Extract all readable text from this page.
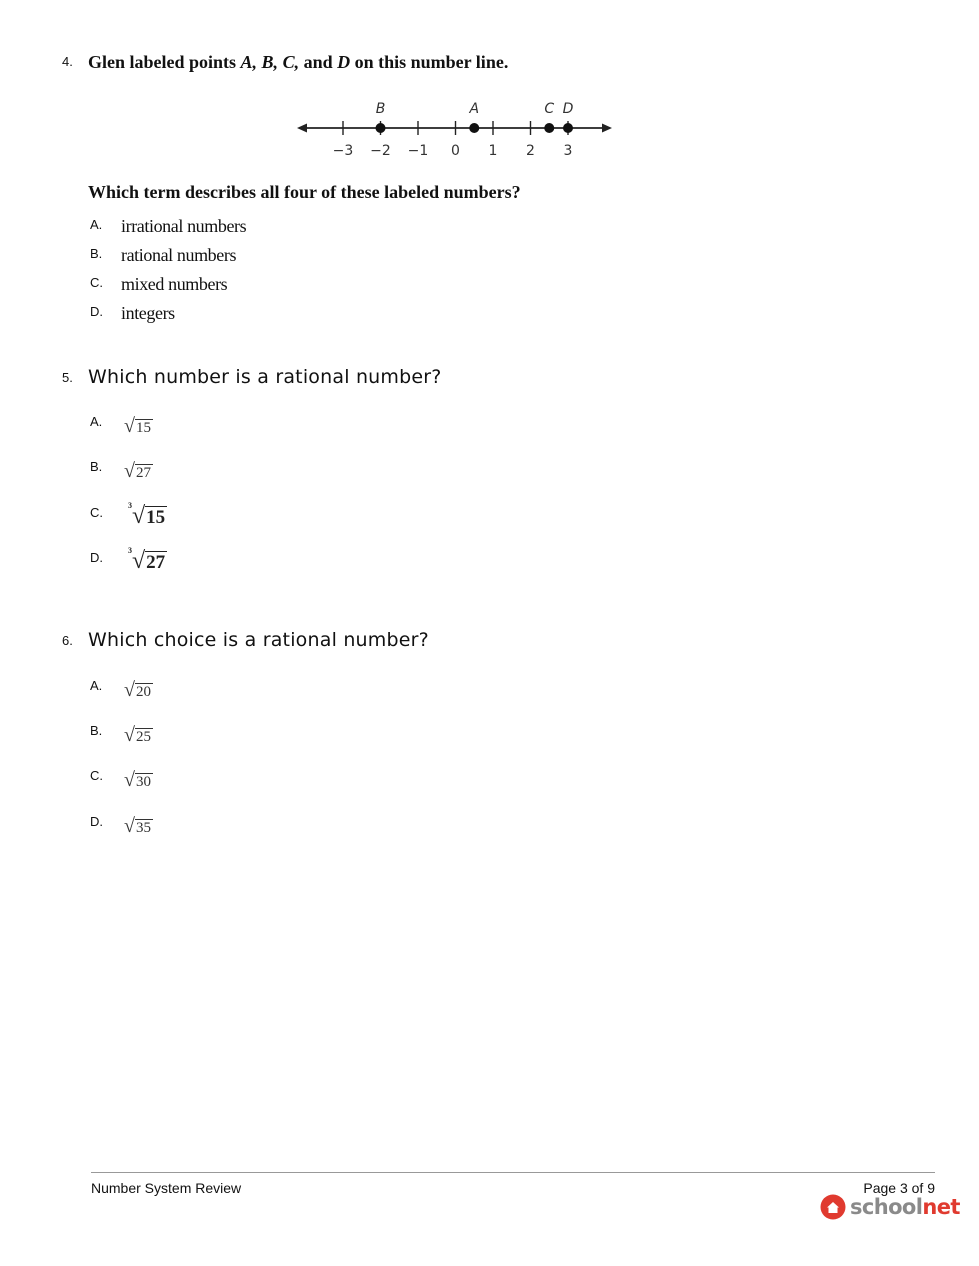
4. Glen labeled points A, B, C, and D on this number line.
−3 −2 −1 0 1 2 3
B	A	C D
Which term describes all four of these labeled numbers?
A. irrational numbers
B. rational numbers
C. mixed numbers
D. integers
5. Which number is a rational number?
A. √15
B. √27
C.	3 √15
D.	3 √27
6. Which choice is a rational number?
A. √20
B. √25
C. √30
D. √35
Number System Review	Page 3 of 9
schoolnet
